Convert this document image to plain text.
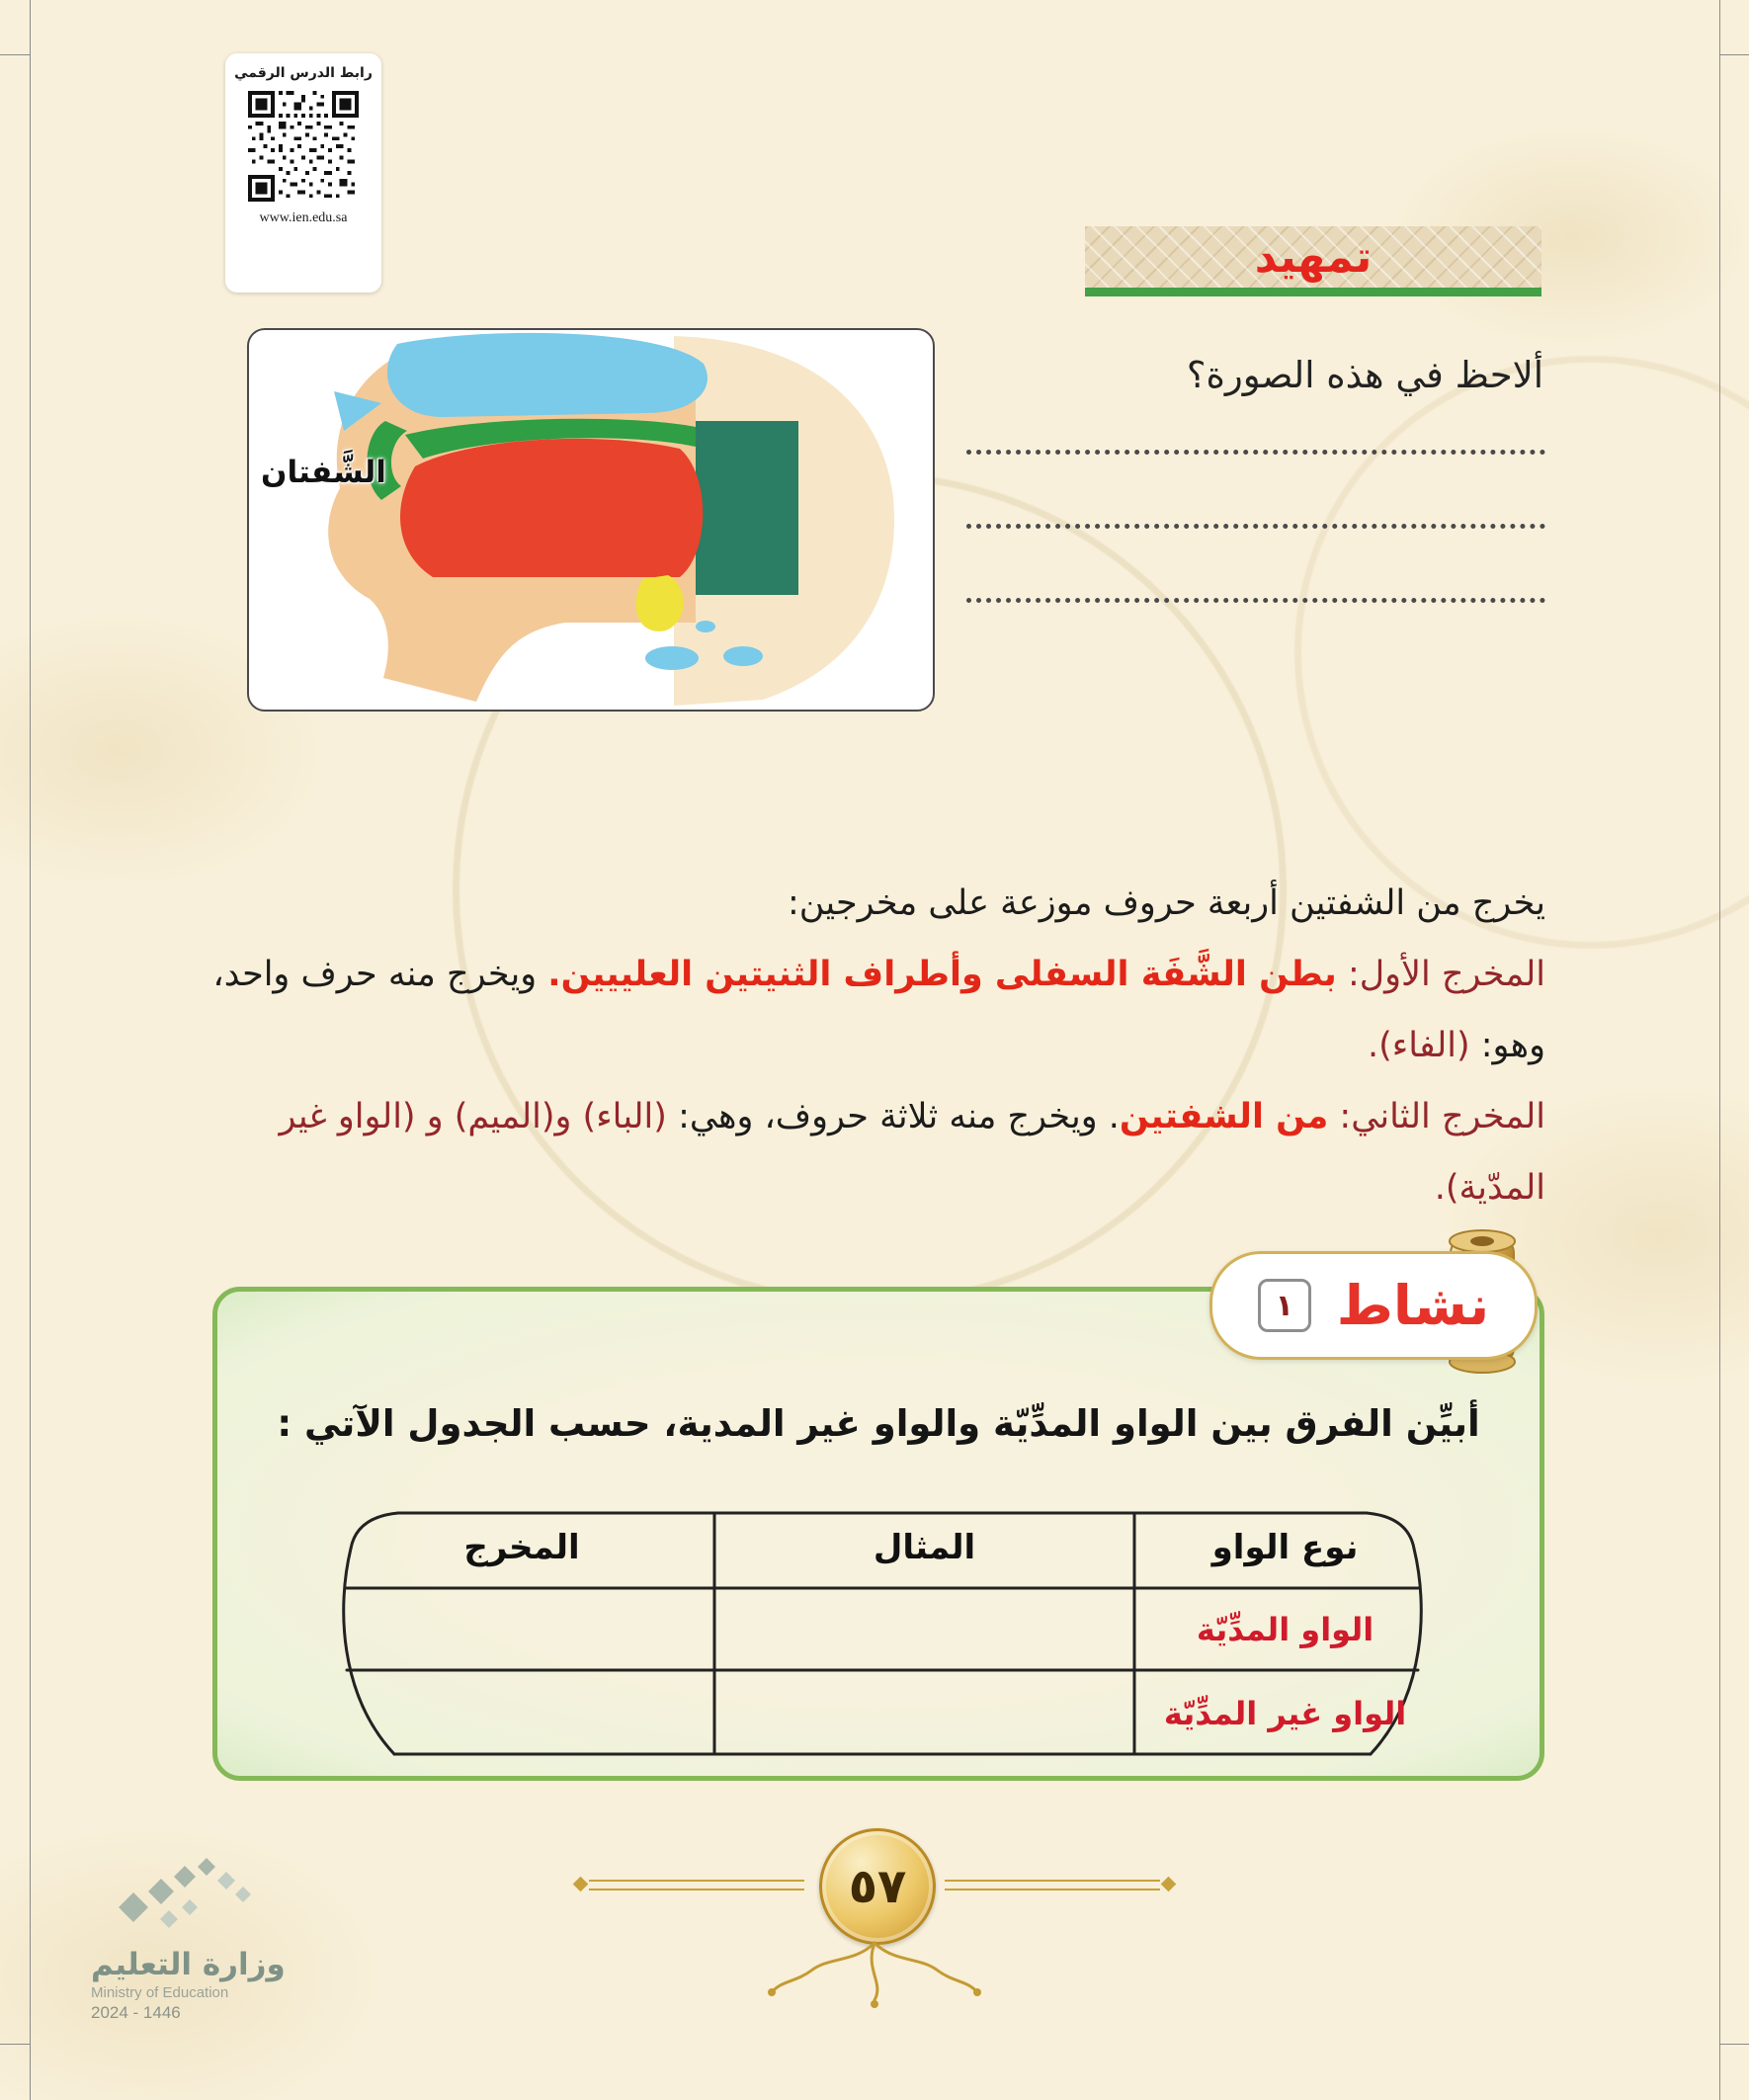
رابط الدرس الرقمي
www.ien.edu.sa
تمهيد
ألاحظ في هذه الصورة؟
الشَّفتان
يخرج من الشفتين أربعة حروف موزعة على مخرجين:
المخرج الأول: بطن الشَّفَة السفلى وأطراف الثنيتين العلييين. ويخرج منه حرف واحد، وهو: (الفاء).
المخرج الثاني: من الشفتين. ويخرج منه ثلاثة حروف، وهي: (الباء) و(الميم) و (الواو غير المدّية).
١ نشاط
أبيِّن الفرق بين الواو المدِّيّة والواو غير المدية، حسب الجدول الآتي :
المخرج	المثال	نوع الواو
الواو المدِّيّة
الواو غير المدِّيّة
٥٧
وزارة التعليم
Ministry of Education
2024 - 1446
